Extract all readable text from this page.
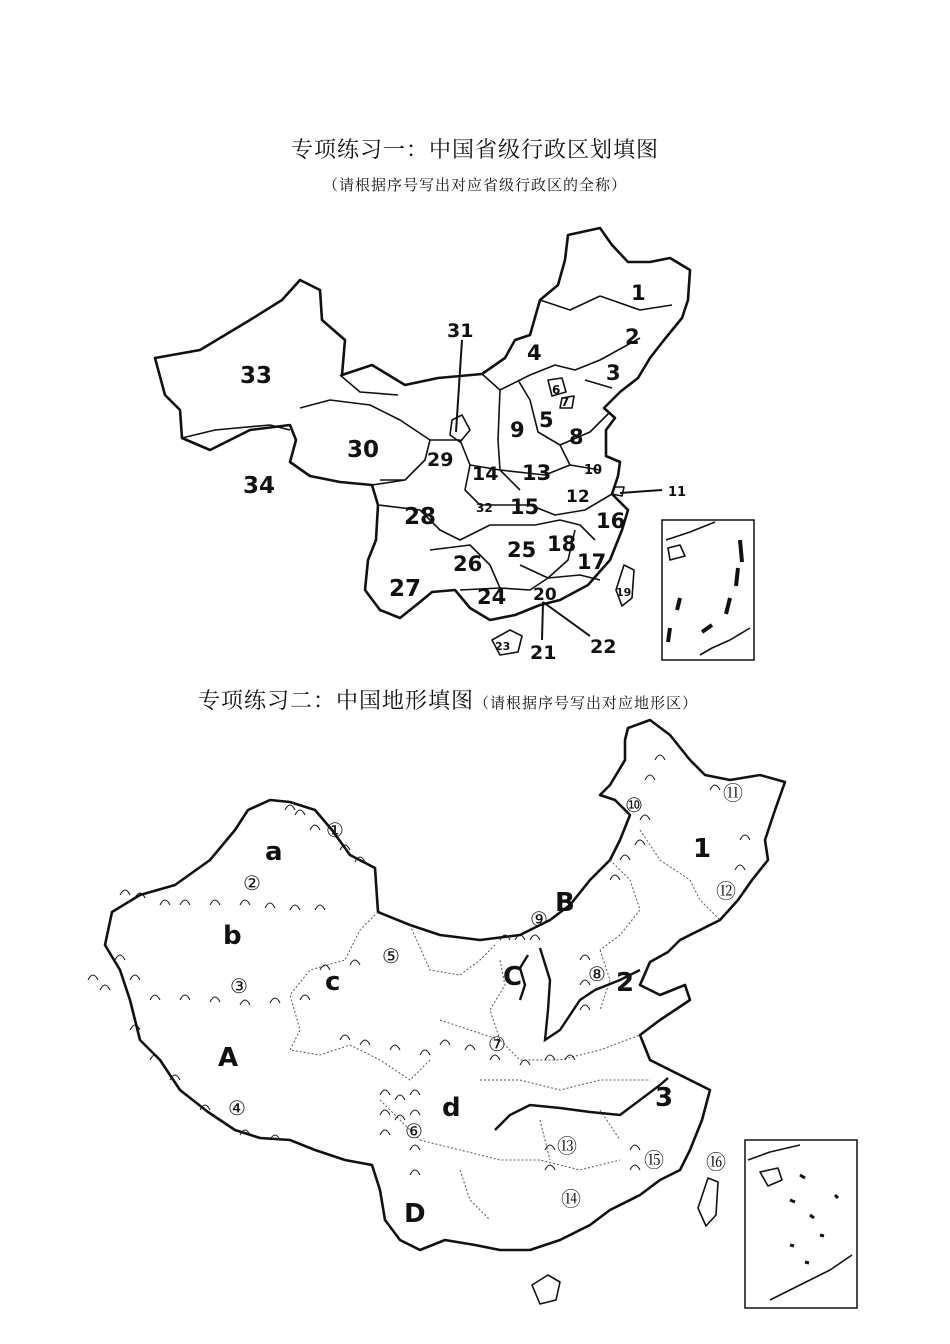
专项练习一：中国省级行政区划填图
（请根据序号写出对应省级行政区的全称）
专项练习二：中国地形填图（请根据序号写出对应地形区）
1
2
3
4
5
6
7
8
9
10
11
12
13
14
15
16
17
18
19
20
21 22
23
24
25
26
27
28
29
30
31
32
33
34
a
b
c
d
A
B
C
D
1
2
3
①
②
③
④
⑤
⑥
⑦
⑧
⑨
⑩	⑪
⑫
⑬
⑭
⑮ ⑯
